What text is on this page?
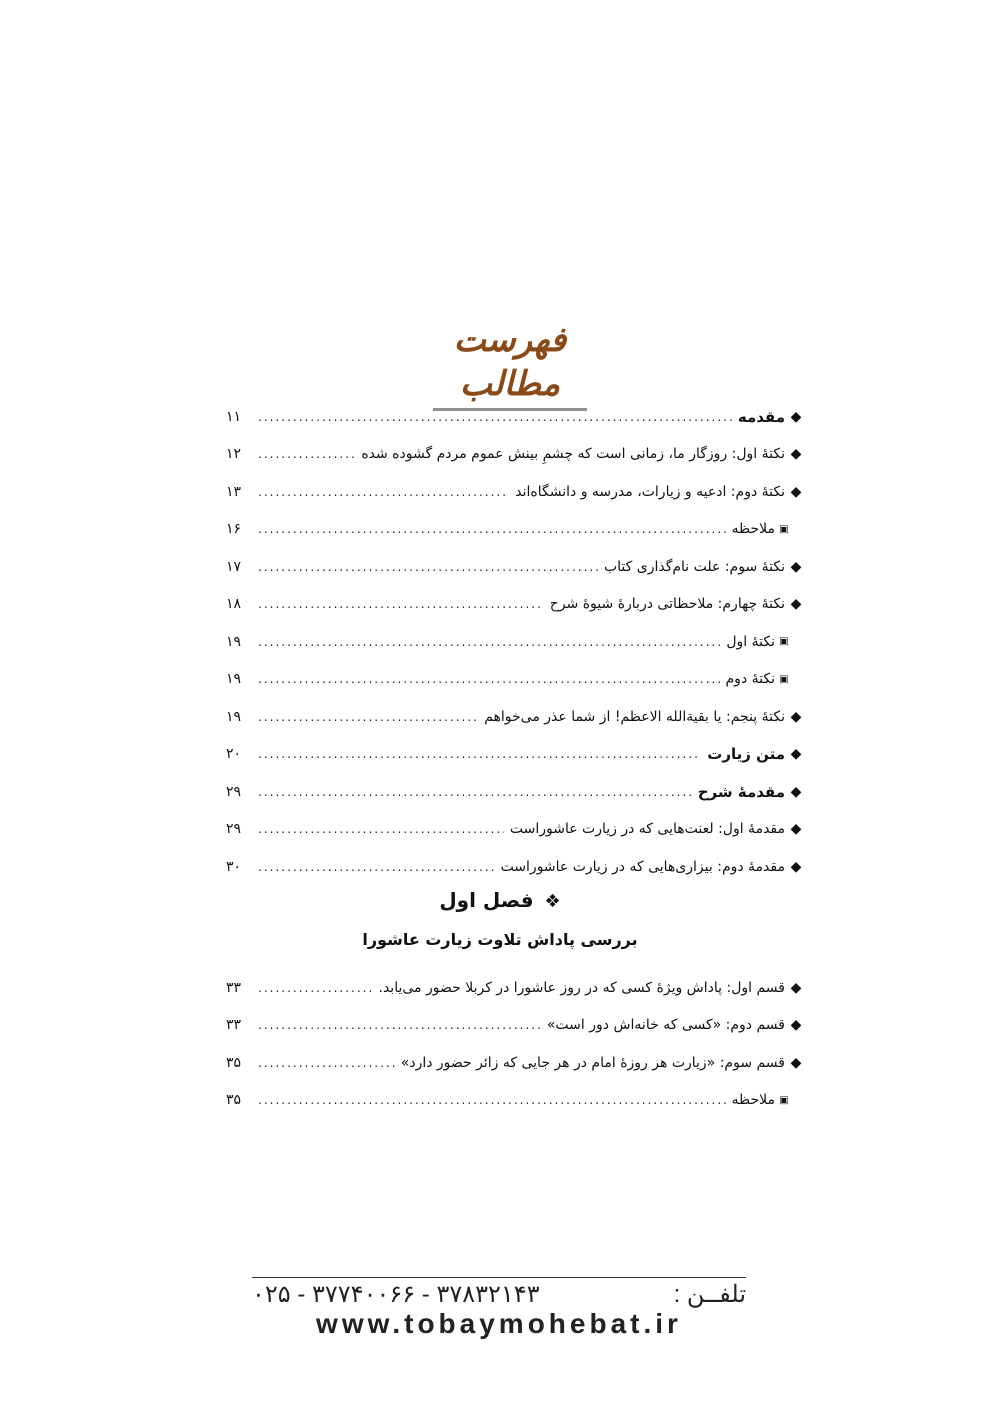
فهرست مطالب
◆
مقدمه
.....
۱۱
◆
نکتهٔ اول: روزگار ما، زمانی است که چشمِ بینش عموم مردم گشوده شده
.....
۱۲
◆
نکتهٔ دوم: ادعیه و زیارات، مدرسه و دانشگاه‌اند
.....
۱۳
▣
ملاحظه
.....
۱۶
◆
نکتهٔ سوم: علت نام‌گذاری کتاب
.....
۱۷
◆
نکتهٔ چهارم: ملاحظاتی دربارهٔ شیوهٔ شرح
.....
۱۸
▣
نکتهٔ اول
.....
۱۹
▣
نکتهٔ دوم
.....
۱۹
◆
نکتهٔ پنجم: یا بقیةالله الاعظم! از شما عذر می‌خواهم
.....
۱۹
◆
متن زیارت
.....
۲۰
◆
مقدمهٔ شرح
.....
۲۹
◆
مقدمهٔ اول: لعنت‌هایی که در زیارت عاشوراست
.....
۲۹
◆
مقدمهٔ دوم: بیزاری‌هایی که در زیارت عاشوراست
.....
۳۰
❖ فصل اول
بررسی پاداش تلاوت زیارت عاشورا
◆
قسم اول: پاداش ویژهٔ کسی که در روز عاشورا در کربلا حضور می‌یابد.
.....
۳۳
◆
قسم دوم: «کسی که خانه‌اش دور است»
.....
۳۳
◆
قسم سوم: «زیارت هر روزهٔ امام در هر جایی که زائر حضور دارد»
.....
۳۵
▣
ملاحظه
.....
۳۵
۰۲۵ - ۳۷۷۴۰۰۶۶ - ۳۷۸۳۲۱۴۳	تلفــن :
www.tobaymohebat.ir
